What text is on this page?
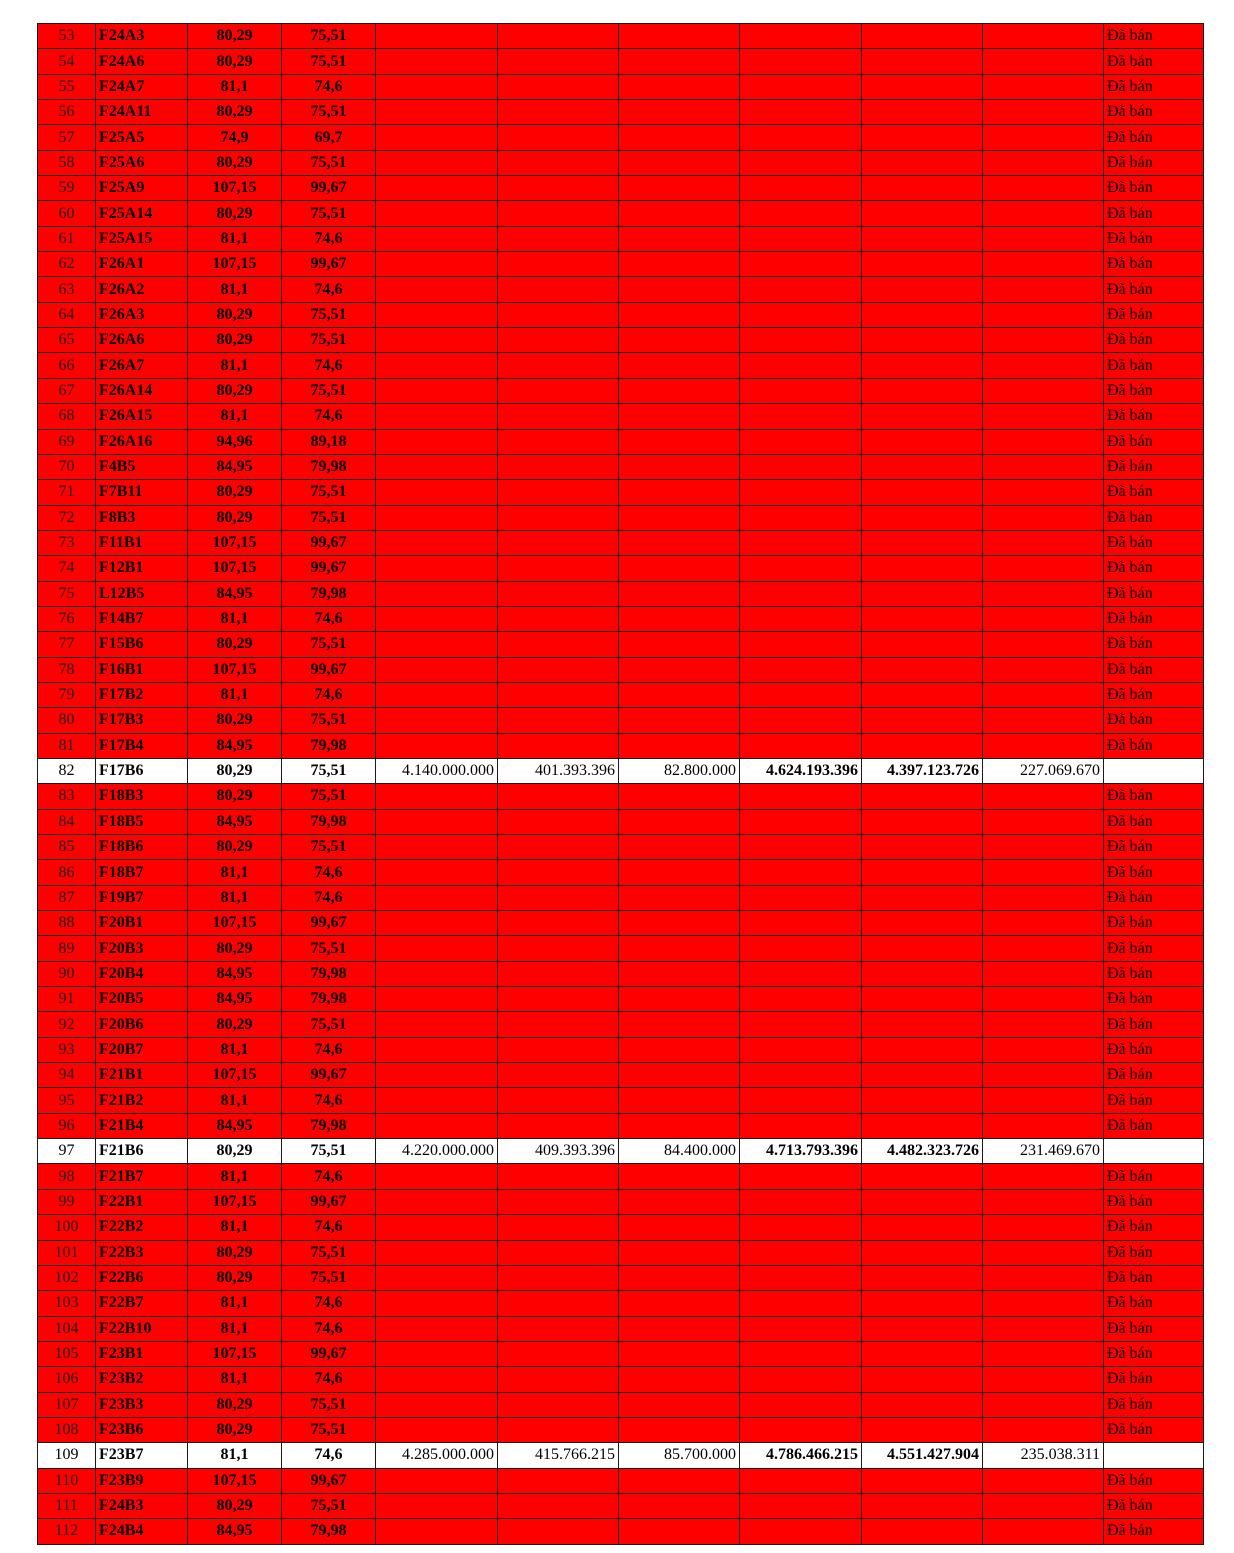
53	F24A3	80,29	75,51							Đã bán
54	F24A6	80,29	75,51							Đã bán
55	F24A7	81,1	74,6							Đã bán
56	F24A11	80,29	75,51							Đã bán
57	F25A5	74,9	69,7							Đã bán
58	F25A6	80,29	75,51							Đã bán
59	F25A9	107,15	99,67							Đã bán
60	F25A14	80,29	75,51							Đã bán
61	F25A15	81,1	74,6							Đã bán
62	F26A1	107,15	99,67							Đã bán
63	F26A2	81,1	74,6							Đã bán
64	F26A3	80,29	75,51							Đã bán
65	F26A6	80,29	75,51							Đã bán
66	F26A7	81,1	74,6							Đã bán
67	F26A14	80,29	75,51							Đã bán
68	F26A15	81,1	74,6							Đã bán
69	F26A16	94,96	89,18							Đã bán
70	F4B5	84,95	79,98							Đã bán
71	F7B11	80,29	75,51							Đã bán
72	F8B3	80,29	75,51							Đã bán
73	F11B1	107,15	99,67							Đã bán
74	F12B1	107,15	99,67							Đã bán
75	L12B5	84,95	79,98							Đã bán
76	F14B7	81,1	74,6							Đã bán
77	F15B6	80,29	75,51							Đã bán
78	F16B1	107,15	99,67							Đã bán
79	F17B2	81,1	74,6							Đã bán
80	F17B3	80,29	75,51							Đã bán
81	F17B4	84,95	79,98							Đã bán
82	F17B6	80,29	75,51	4.140.000.000	401.393.396	82.800.000	4.624.193.396	4.397.123.726	227.069.670	
83	F18B3	80,29	75,51							Đã bán
84	F18B5	84,95	79,98							Đã bán
85	F18B6	80,29	75,51							Đã bán
86	F18B7	81,1	74,6							Đã bán
87	F19B7	81,1	74,6							Đã bán
88	F20B1	107,15	99,67							Đã bán
89	F20B3	80,29	75,51							Đã bán
90	F20B4	84,95	79,98							Đã bán
91	F20B5	84,95	79,98							Đã bán
92	F20B6	80,29	75,51							Đã bán
93	F20B7	81,1	74,6							Đã bán
94	F21B1	107,15	99,67							Đã bán
95	F21B2	81,1	74,6							Đã bán
96	F21B4	84,95	79,98							Đã bán
97	F21B6	80,29	75,51	4.220.000.000	409.393.396	84.400.000	4.713.793.396	4.482.323.726	231.469.670	
98	F21B7	81,1	74,6							Đã bán
99	F22B1	107,15	99,67							Đã bán
100	F22B2	81,1	74,6							Đã bán
101	F22B3	80,29	75,51							Đã bán
102	F22B6	80,29	75,51							Đã bán
103	F22B7	81,1	74,6							Đã bán
104	F22B10	81,1	74,6							Đã bán
105	F23B1	107,15	99,67							Đã bán
106	F23B2	81,1	74,6							Đã bán
107	F23B3	80,29	75,51							Đã bán
108	F23B6	80,29	75,51							Đã bán
109	F23B7	81,1	74,6	4.285.000.000	415.766.215	85.700.000	4.786.466.215	4.551.427.904	235.038.311	
110	F23B9	107,15	99,67							Đã bán
111	F24B3	80,29	75,51							Đã bán
112	F24B4	84,95	79,98							Đã bán
